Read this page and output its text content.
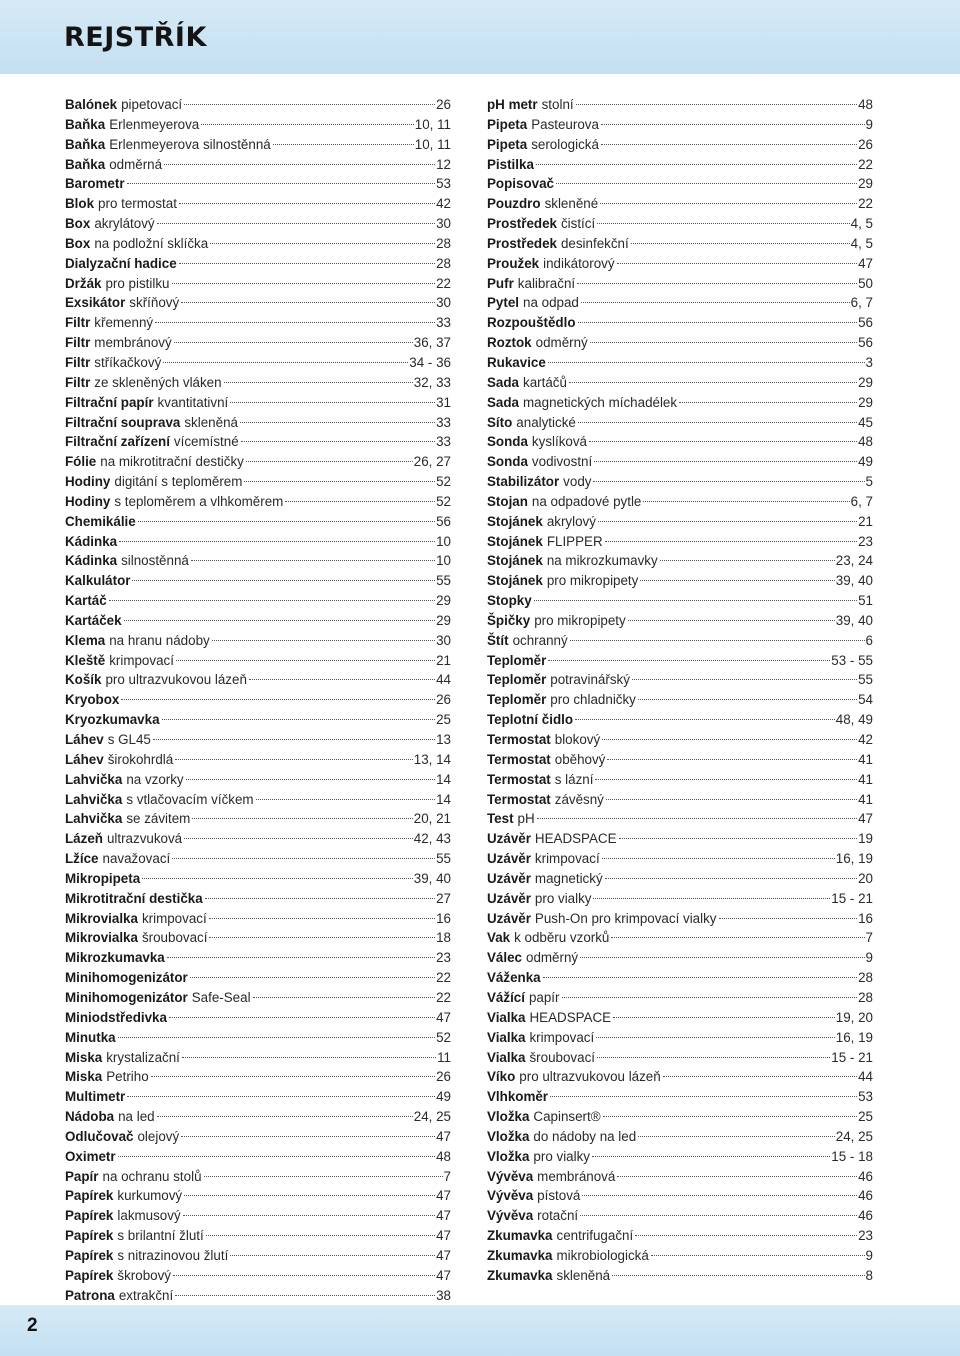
REJSTŘÍK
Balónek pipetovací	26
Baňka Erlenmeyerova	10, 11
Baňka Erlenmeyerova silnostěnná	10, 11
Baňka odměrná	12
Barometr	53
Blok pro termostat	42
Box akrylátový	30
Box na podložní sklíčka	28
Dialyzační hadice	28
Držák pro pistilku	22
Exsikátor skříňový	30
Filtr křemenný	33
Filtr membránový	36, 37
Filtr stříkačkový	34 - 36
Filtr ze skleněných vláken	32, 33
Filtrační papír kvantitativní	31
Filtrační souprava skleněná	33
Filtrační zařízení vícemístné	33
Fólie na mikrotitrační destičky	26, 27
Hodiny digitání s teploměrem	52
Hodiny s teploměrem a vlhkoměrem	52
Chemikálie	56
Kádinka	10
Kádinka silnostěnná	10
Kalkulátor	55
Kartáč	29
Kartáček	29
Klema na hranu nádoby	30
Kleště krimpovací	21
Košík pro ultrazvukovou lázeň	44
Kryobox	26
Kryozkumavka	25
Láhev s GL45	13
Láhev širokohrdlá	13, 14
Lahvička na vzorky	14
Lahvička s vtlačovacím víčkem	14
Lahvička se závitem	20, 21
Lázeň ultrazvuková	42, 43
Lžíce navažovací	55
Mikropipeta	39, 40
Mikrotitrační destička	27
Mikrovialka krimpovací	16
Mikrovialka šroubovací	18
Mikrozkumavka	23
Minihomogenizátor	22
Minihomogenizátor Safe-Seal	22
Miniodstředivka	47
Minutka	52
Miska krystalizační	11
Miska Petriho	26
Multimetr	49
Nádoba na led	24, 25
Odlučovač olejový	47
Oximetr	48
Papír na ochranu stolů	7
Papírek kurkumový	47
Papírek lakmusový	47
Papírek s brilantní žlutí	47
Papírek s nitrazinovou žlutí	47
Papírek škrobový	47
Patrona extrakční	38
pH metr stolní	48
Pipeta Pasteurova	9
Pipeta serologická	26
Pistilka	22
Popisovač	29
Pouzdro skleněné	22
Prostředek čistící	4, 5
Prostředek desinfekční	4, 5
Proužek indikátorový	47
Pufr kalibrační	50
Pytel na odpad	6, 7
Rozpouštědlo	56
Roztok odměrný	56
Rukavice	3
Sada kartáčů	29
Sada magnetických míchadélek	29
Síto analytické	45
Sonda kyslíková	48
Sonda vodivostní	49
Stabilizátor vody	5
Stojan na odpadové pytle	6, 7
Stojánek akrylový	21
Stojánek FLIPPER	23
Stojánek na mikrozkumavky	23, 24
Stojánek pro mikropipety	39, 40
Stopky	51
Špičky pro mikropipety	39, 40
Štít ochranný	6
Teploměr	53 - 55
Teploměr potravinářský	55
Teploměr pro chladničky	54
Teplotní čidlo	48, 49
Termostat blokový	42
Termostat oběhový	41
Termostat s lázní	41
Termostat závěsný	41
Test pH	47
Uzávěr HEADSPACE	19
Uzávěr krimpovací	16, 19
Uzávěr magnetický	20
Uzávěr pro vialky	15 - 21
Uzávěr Push-On pro krimpovací vialky	16
Vak k odběru vzorků	7
Válec odměrný	9
Váženka	28
Vážící papír	28
Vialka HEADSPACE	19, 20
Vialka krimpovací	16, 19
Vialka šroubovací	15 - 21
Víko pro ultrazvukovou lázeň	44
Vlhkoměr	53
Vložka Capinsert®	25
Vložka do nádoby na led	24, 25
Vložka pro vialky	15 - 18
Vývěva membránová	46
Vývěva pístová	46
Vývěva rotační	46
Zkumavka centrifugační	23
Zkumavka mikrobiologická	9
Zkumavka skleněná	8
2
